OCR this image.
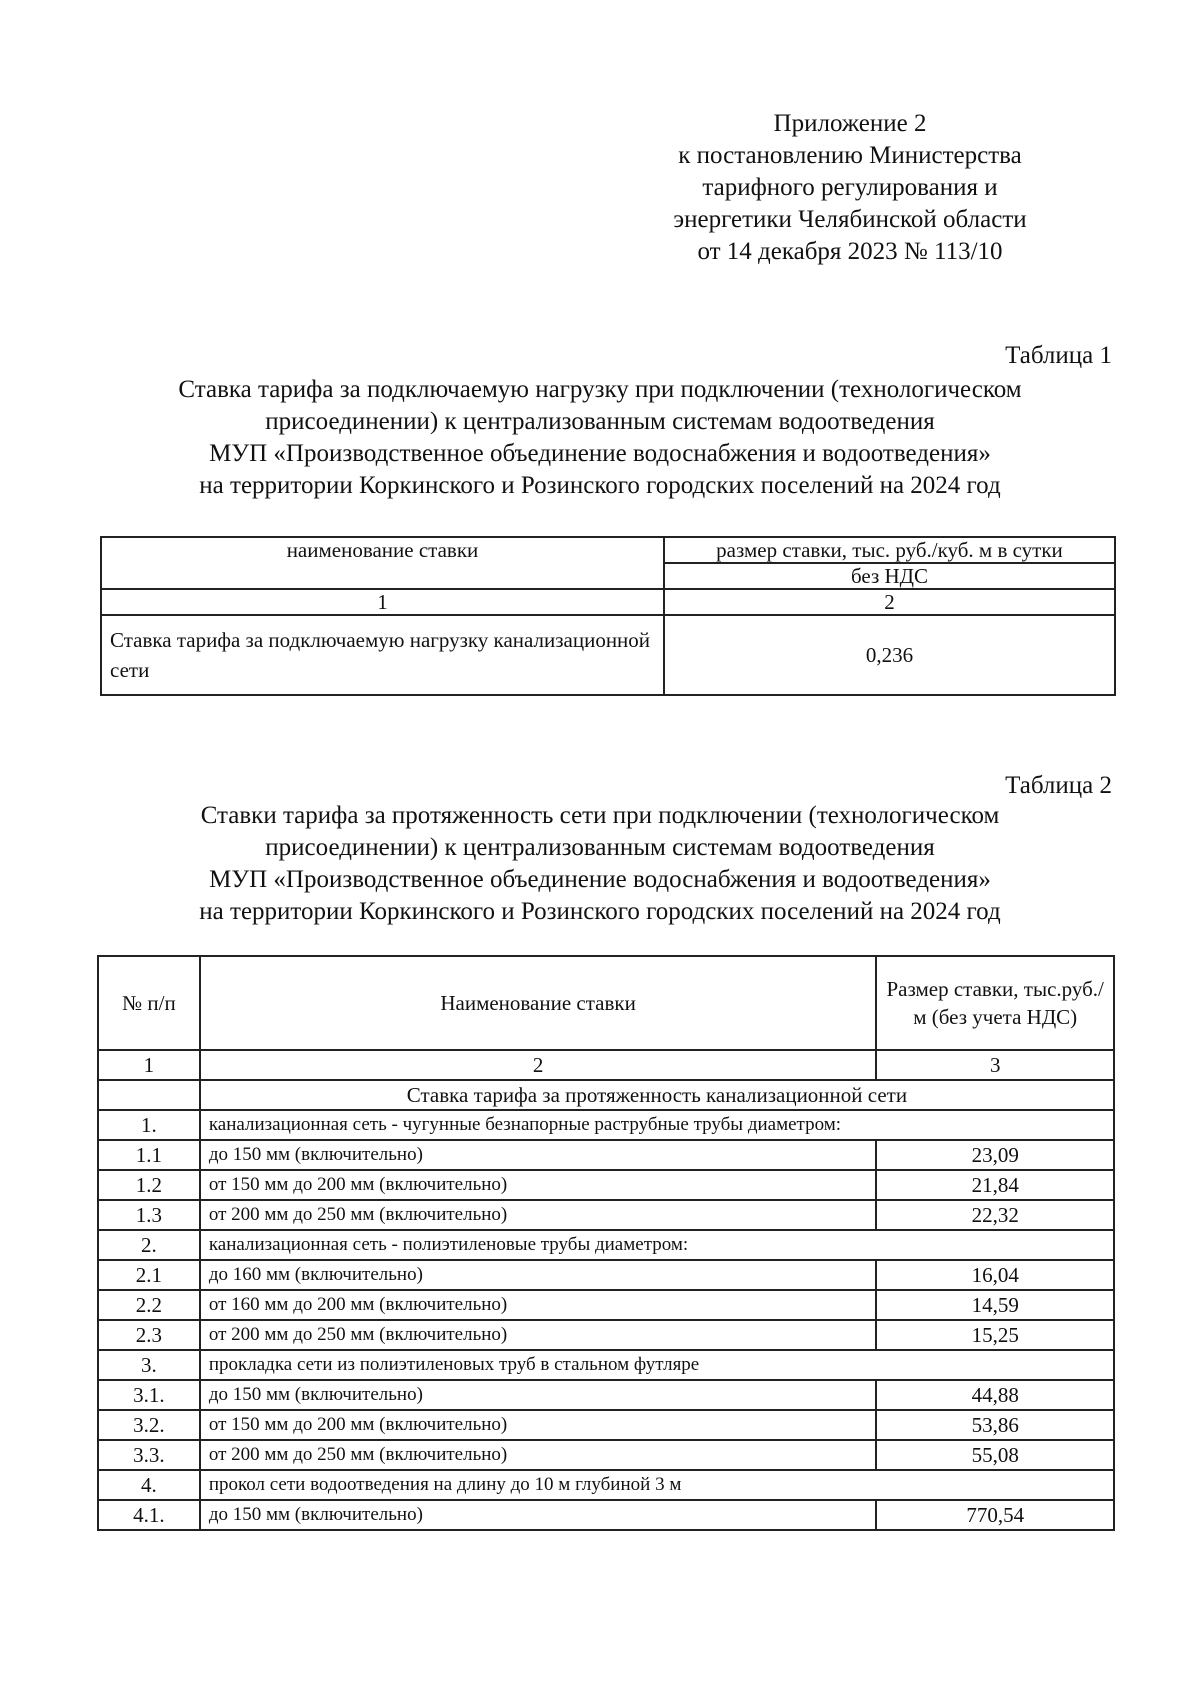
Приложение 2
к постановлению Министерства
тарифного регулирования и
энергетики Челябинской области
от 14 декабря 2023 № 113/10
Таблица 1
Ставка тарифа за подключаемую нагрузку при подключении (технологическом
присоединении) к централизованным системам водоотведения
МУП «Производственное объединение водоснабжения и водоотведения»
на территории Коркинского и Розинского городских поселений на 2024 год
наименование ставки	размер ставки, тыс. руб./куб. м в сутки
	без НДС
1	2
Ставка тарифа за подключаемую нагрузку канализационной сети	0,236
Таблица 2
Ставки тарифа за протяженность сети при подключении (технологическом
присоединении) к централизованным системам водоотведения
МУП «Производственное объединение водоснабжения и водоотведения»
на территории Коркинского и Розинского городских поселений на 2024 год
№ п/п	Наименование ставки	Размер ставки, тыс.руб./м (без учета НДС)
1	2	3
	Ставка тарифа за протяженность канализационной сети	
1.	канализационная сеть - чугунные безнапорные раструбные трубы диаметром:	
1.1	до 150 мм (включительно)	23,09
1.2	от 150 мм до 200 мм (включительно)	21,84
1.3	от 200 мм до 250 мм (включительно)	22,32
2.	канализационная сеть - полиэтиленовые трубы диаметром:	
2.1	до 160 мм (включительно)	16,04
2.2	от 160 мм до 200 мм (включительно)	14,59
2.3	от 200 мм до 250 мм (включительно)	15,25
3.	прокладка сети из полиэтиленовых труб в стальном футляре	
3.1.	до 150 мм (включительно)	44,88
3.2.	от 150 мм до 200 мм (включительно)	53,86
3.3.	от 200 мм до 250 мм (включительно)	55,08
4.	прокол сети водоотведения на длину до 10 м глубиной 3 м	
4.1.	до 150 мм (включительно)	770,54
